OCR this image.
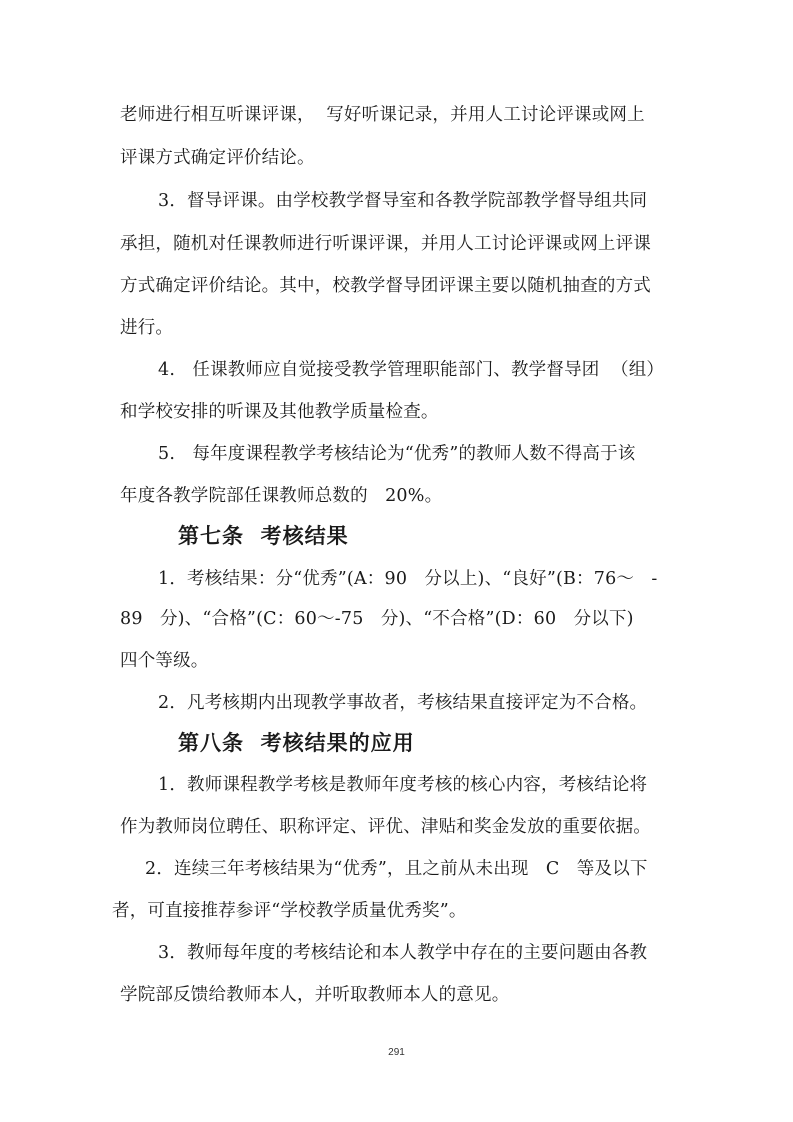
老师进行相互听课评课，  写好听课记录，并用人工讨论评课或网上
评课方式确定评价结论。
3．督导评课。由学校教学督导室和各教学院部教学督导组共同
承担，随机对任课教师进行听课评课，并用人工讨论评课或网上评课
方式确定评价结论。其中，校教学督导团评课主要以随机抽查的方式
进行。
4.   任课教师应自觉接受教学管理职能部门、教学督导团  （组）
和学校安排的听课及其他教学质量检查。
5.   每年度课程教学考核结论为“优秀”的教师人数不得高于该
年度各教学院部任课教师总数的   20%。
第七条  考核结果
1．考核结果：分“优秀”(A：90   分以上)、“良好”(B：76～   -
89   分)、“合格”(C：60～-75   分)、“不合格”(D：60   分以下)
四个等级。
2．凡考核期内出现教学事故者，考核结果直接评定为不合格。
第八条  考核结果的应用
1．教师课程教学考核是教师年度考核的核心内容，考核结论将
作为教师岗位聘任、职称评定、评优、津贴和奖金发放的重要依据。
2．连续三年考核结果为“优秀”，且之前从未出现   C   等及以下
者，可直接推荐参评“学校教学质量优秀奖”。
3．教师每年度的考核结论和本人教学中存在的主要问题由各教
学院部反馈给教师本人，并听取教师本人的意见。
291
